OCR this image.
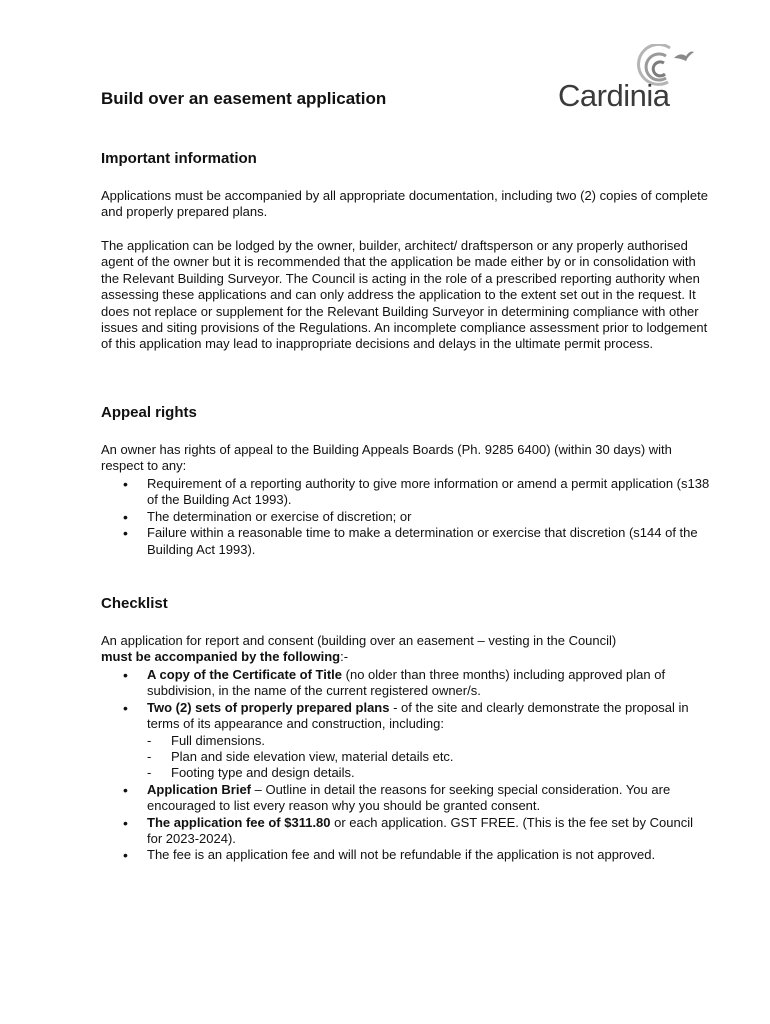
Build over an easement application	Cardinia
Important information
Applications must be accompanied by all appropriate documentation, including two (2) copies of complete and properly prepared plans.
The application can be lodged by the owner, builder, architect/ draftsperson or any properly authorised agent of the owner but it is recommended that the application be made either by or in consolidation with the Relevant Building Surveyor. The Council is acting in the role of a prescribed reporting authority when assessing these applications and can only address the application to the extent set out in the request. It does not replace or supplement for the Relevant Building Surveyor in determining compliance with other issues and siting provisions of the Regulations. An incomplete compliance assessment prior to lodgement of this application may lead to inappropriate decisions and delays in the ultimate permit process.
Appeal rights
An owner has rights of appeal to the Building Appeals Boards (Ph. 9285 6400) (within 30 days) with respect to any:
• Requirement of a reporting authority to give more information or amend a permit application (s138 of the Building Act 1993).
• The determination or exercise of discretion; or
• Failure within a reasonable time to make a determination or exercise that discretion (s144 of the Building Act 1993).
Checklist
An application for report and consent (building over an easement – vesting in the Council)
must be accompanied by the following:-
• A copy of the Certificate of Title (no older than three months) including approved plan of subdivision, in the name of the current registered owner/s.
• Two (2) sets of properly prepared plans - of the site and clearly demonstrate the proposal in terms of its appearance and construction, including:
- Full dimensions.
- Plan and side elevation view, material details etc.
- Footing type and design details.
• Application Brief – Outline in detail the reasons for seeking special consideration. You are encouraged to list every reason why you should be granted consent.
• The application fee of $311.80 or each application. GST FREE. (This is the fee set by Council for 2023-2024).
• The fee is an application fee and will not be refundable if the application is not approved.
